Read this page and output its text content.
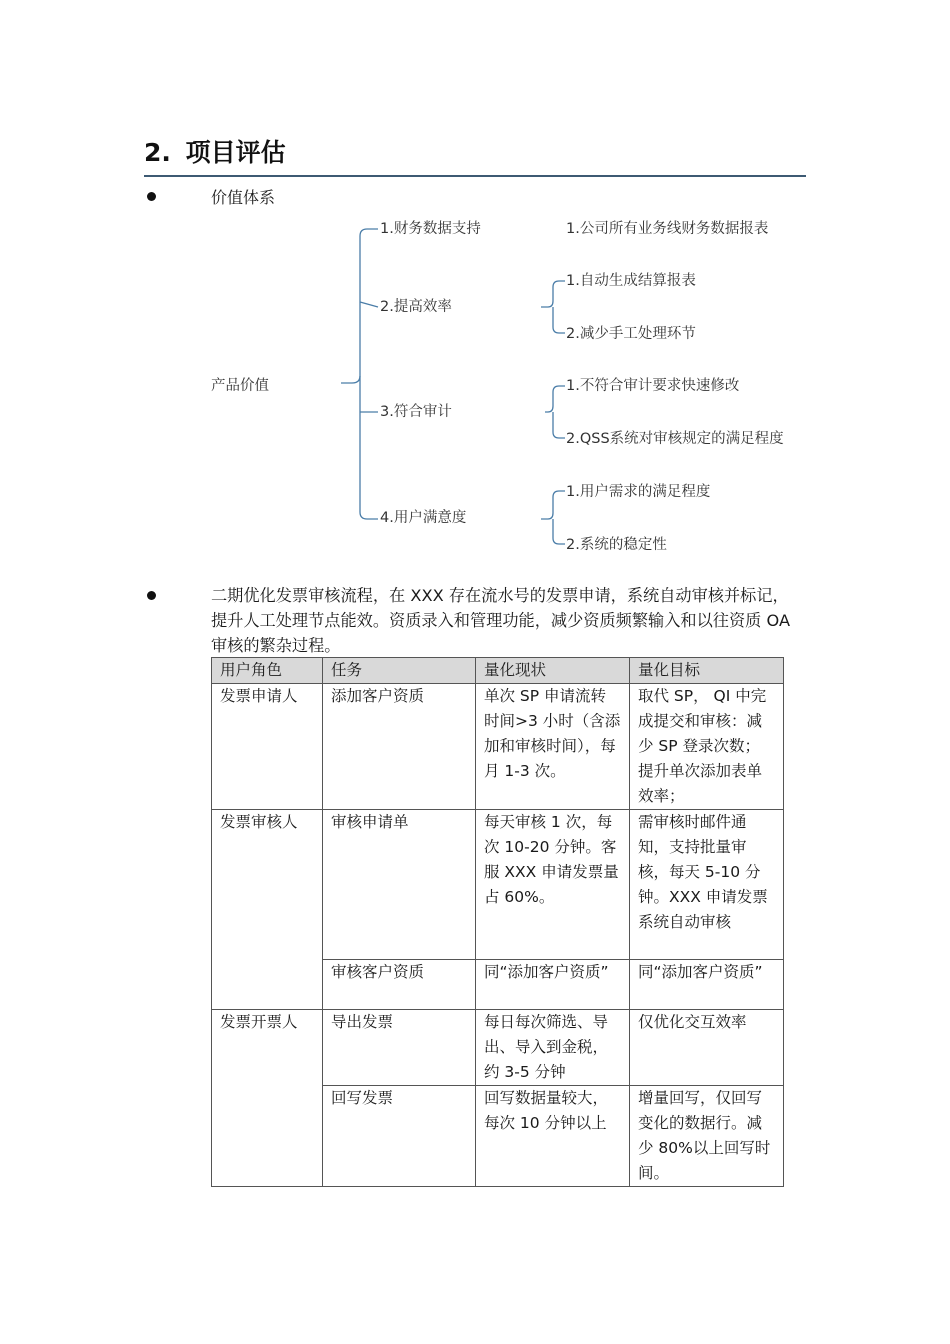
2. 项目评估
价值体系
产品价值
1.财务数据支持	1.公司所有业务线财务数据报表
2.提高效率
1.自动生成结算报表
2.减少手工处理环节
3.符合审计
1.不符合审计要求快速修改
2.QSS系统对审核规定的满足程度
4.用户满意度
1.用户需求的满足程度
2.系统的稳定性
二期优化发票审核流程，在 XXX 存在流水号的发票申请，系统自动审核并标记，提升人工处理节点能效。资质录入和管理功能，减少资质频繁输入和以往资质 OA 审核的繁杂过程。
用户角色	任务	量化现状	量化目标
发票申请人	添加客户资质	单次 SP 申请流转时间>3 小时（含添加和审核时间），每月 1-3 次。	取代 SP， QI 中完成提交和审核：减少 SP 登录次数；提升单次添加表单效率；
发票审核人	审核申请单	每天审核 1 次，每次 10-20 分钟。客服 XXX 申请发票量占 60%。	需审核时邮件通知，支持批量审核，每天 5-10 分钟。XXX 申请发票系统自动审核
	审核客户资质	同“添加客户资质”	同“添加客户资质”
发票开票人	导出发票	每日每次筛选、导出、导入到金税，约 3-5 分钟	仅优化交互效率
	回写发票	回写数据量较大，每次 10 分钟以上	增量回写，仅回写变化的数据行。减少 80%以上回写时间。
